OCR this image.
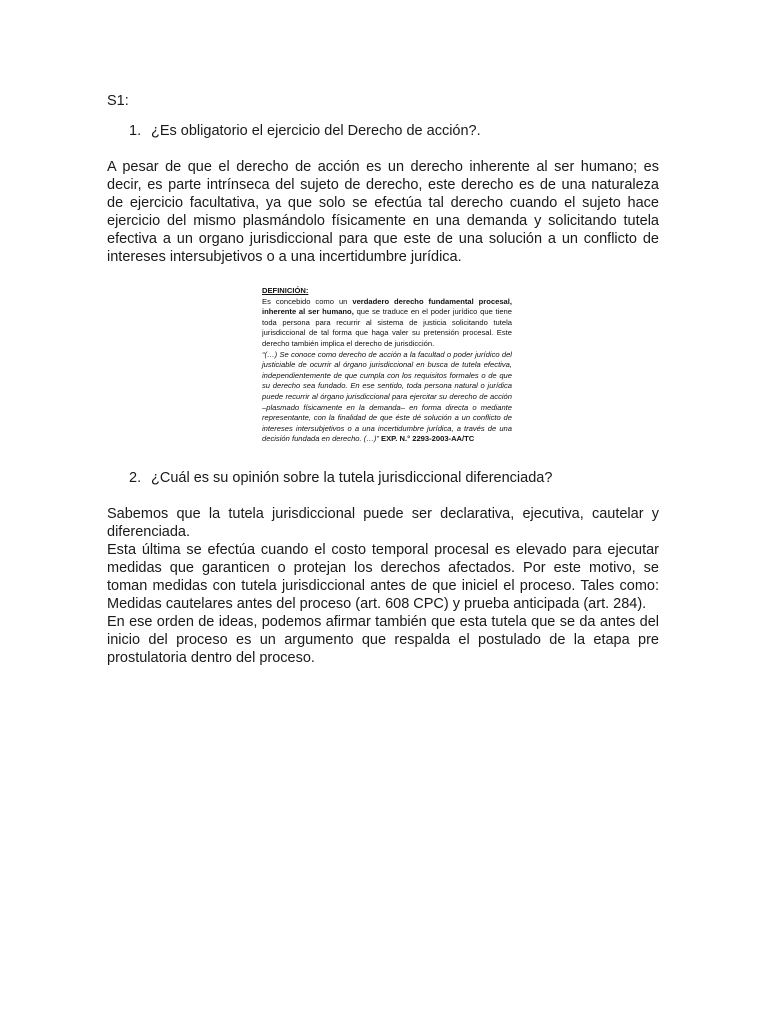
S1:

1. ¿Es obligatorio el ejercicio del Derecho de acción?.

A pesar de que el derecho de acción es un derecho inherente al ser humano; es decir, es parte intrínseca del sujeto de derecho, este derecho es de una naturaleza de ejercicio facultativa, ya que solo se efectúa tal derecho cuando el sujeto hace ejercicio del mismo plasmándolo físicamente en una demanda y solicitando tutela efectiva a un organo jurisdiccional para que este de una solución a un conflicto de intereses intersubjetivos o a una incertidumbre jurídica.

DEFINICIÓN:
Es concebido como un verdadero derecho fundamental procesal, inherente al ser humano, que se traduce en el poder jurídico que tiene toda persona para recurrir al sistema de justicia solicitando tutela jurisdiccional de tal forma que haga valer su pretensión procesal. Este derecho también implica el derecho de jurisdicción.
“(…) Se conoce como derecho de acción a la facultad o poder jurídico del justiciable de ocurrir al órgano jurisdiccional en busca de tutela efectiva, independientemente de que cumpla con los requisitos formales o de que su derecho sea fundado. En ese sentido, toda persona natural o jurídica puede recurrir al órgano jurisdiccional para ejercitar su derecho de acción –plasmado físicamente en la demanda– en forma directa o mediante representante, con la finalidad de que éste dé solución a un conflicto de intereses intersubjetivos o a una incertidumbre jurídica, a través de una decisión fundada en derecho. (…)” EXP. N.° 2293-2003-AA/TC

2. ¿Cuál es su opinión sobre la tutela jurisdiccional diferenciada?

Sabemos que la tutela jurisdiccional puede ser declarativa, ejecutiva, cautelar y diferenciada.

Esta última se efectúa cuando el costo temporal procesal es elevado para ejecutar medidas que garanticen o protejan los derechos afectados. Por este motivo, se toman medidas con tutela jurisdiccional antes de que iniciel el proceso. Tales como: Medidas cautelares antes del proceso (art. 608 CPC) y prueba anticipada (art. 284).

En ese orden de ideas, podemos afirmar también que esta tutela que se da antes del inicio del proceso es un argumento que respalda el postulado de la etapa pre prostulatoria dentro del proceso.
